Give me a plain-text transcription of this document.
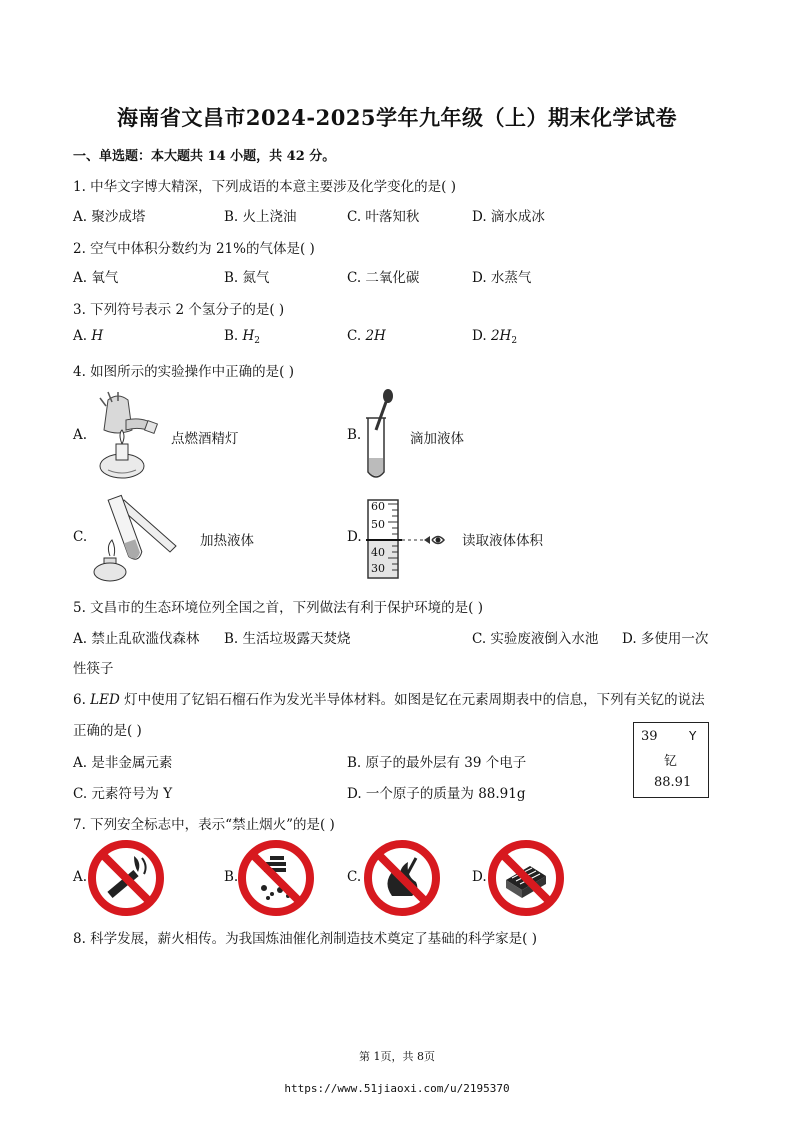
海南省文昌市2024-2025学年九年级（上）期末化学试卷
一、单选题：本大题共 14 小题，共 42 分。
1. 中华文字博大精深，下列成语的本意主要涉及化学变化的是( )
A. 聚沙成塔	B. 火上浇油	C. 叶落知秋	D. 滴水成冰
2. 空气中体积分数约为 21%的气体是( )
A. 氧气	B. 氮气	C. 二氧化碳	D. 水蒸气
3. 下列符号表示 2 个氢分子的是( )
A. H	B. $H_2$	C. 2H	D. $2H_2$
4. 如图所示的实验操作中正确的是( )
A.	点燃酒精灯	B.	滴加液体
C.	加热液体	D.
60
50
40
30
读取液体体积
5. 文昌市的生态环境位列全国之首，下列做法有利于保护环境的是( )
A. 禁止乱砍滥伐森林 B. 生活垃圾露天焚烧	C. 实验废液倒入水池 D. 多使用一次
性筷子
6. LED 灯中使用了钇铝石榴石作为发光半导体材料。如图是钇在元素周期表中的信息，下列有关钇的说法
正确的是( )
A. 是非金属元素	B. 原子的最外层有 39 个电子
C. 元素符号为 Y	D. 一个原子的质量为 88.91g
39	Y
钇
88.91
7. 下列安全标志中，表示“禁止烟火”的是( )
A.	B.	C.	D.
8. 科学发展，薪火相传。为我国炼油催化剂制造技术奠定了基础的科学家是( )
第 1页，共 8页
https://www.51jiaoxi.com/u/2195370
